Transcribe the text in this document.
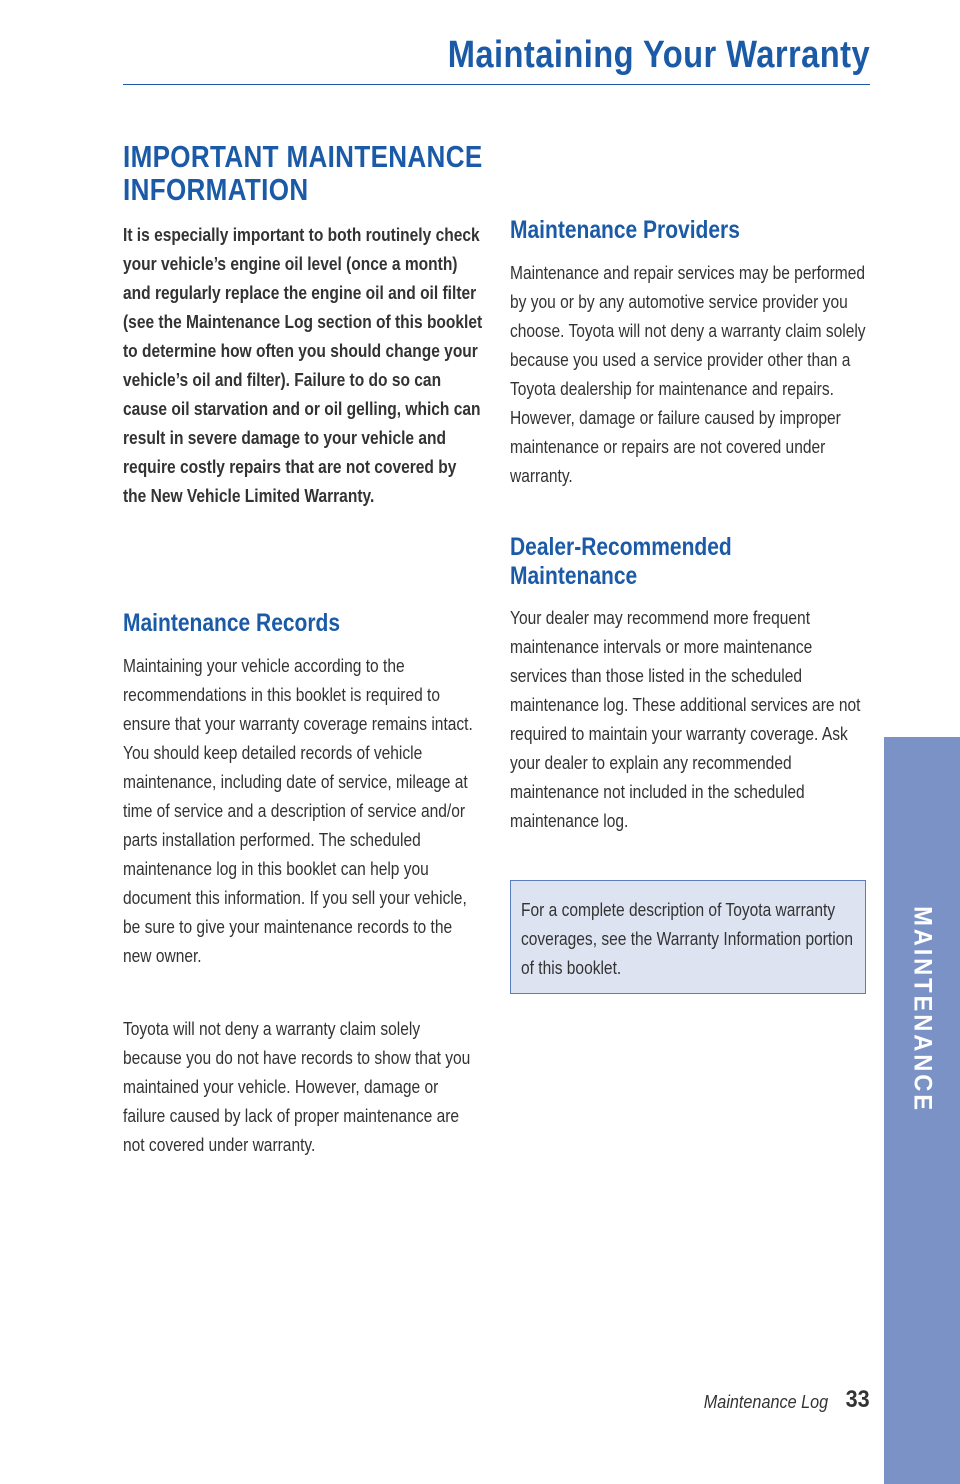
Maintaining Your Warranty
IMPORTANT MAINTENANCE INFORMATION

It is especially important to both routinely check your vehicle’s engine oil level (once a month) and regularly replace the engine oil and oil filter (see the Maintenance Log section of this booklet to determine how often you should change your vehicle’s oil and filter). Failure to do so can cause oil starvation and or oil gelling, which can result in severe damage to your vehicle and require costly repairs that are not covered by the New Vehicle Limited Warranty.

Maintenance Records

Maintaining your vehicle according to the recommendations in this booklet is required to ensure that your warranty coverage remains intact. You should keep detailed records of vehicle maintenance, including date of service, mileage at time of service and a description of service and/or parts installation performed. The scheduled maintenance log in this booklet can help you document this information. If you sell your vehicle, be sure to give your maintenance records to the new owner.

Toyota will not deny a warranty claim solely because you do not have records to show that you maintained your vehicle. However, damage or failure caused by lack of proper maintenance are not covered under warranty.

Maintenance Providers

Maintenance and repair services may be performed by you or by any automotive service provider you choose. Toyota will not deny a warranty claim solely because you used a service provider other than a Toyota dealership for maintenance and repairs. However, damage or failure caused by improper maintenance or repairs are not covered under warranty.

Dealer-Recommended Maintenance

Your dealer may recommend more frequent maintenance intervals or more maintenance services than those listed in the scheduled maintenance log. These additional services are not required to maintain your warranty coverage. Ask your dealer to explain any recommended maintenance not included in the scheduled maintenance log.

For a complete description of Toyota warranty coverages, see the Warranty Information portion of this booklet.	MAINTENANCE
Maintenance Log 33
